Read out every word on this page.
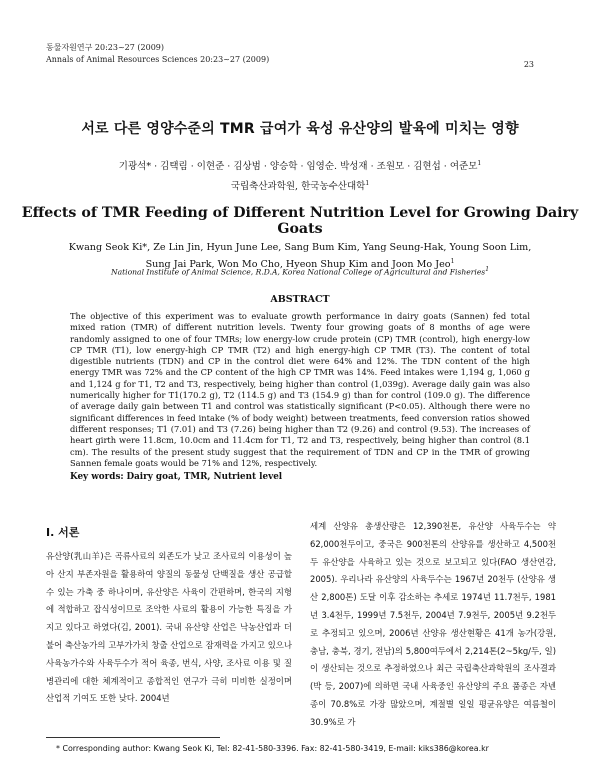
동물자원연구 20:23~27 (2009)
Annals of Animal Resources Sciences 20:23~27 (2009)
23
서로 다른 영양수준의 TMR 급여가 육성 유산양의 발육에 미치는 영향
기광석* · 김택림 · 이현준 · 김상범 · 양승학 · 임영순. 박성재 · 조원모 · 김현섭 · 여준모$^1$
국립축산과학원, 한국농수산대학$^1$
Effects of TMR Feeding of Different Nutrition Level for Growing Dairy Goats
Kwang Seok Ki*, Ze Lin Jin, Hyun June Lee, Sang Bum Kim, Yang Seung-Hak, Young Soon Lim,
Sung Jai Park, Won Mo Cho, Hyeon Shup Kim and Joon Mo Jeo$^1$
National Institute of Animal Science, R.D.A, Korea National College of Agricultural and Fisheries$^1$
ABSTRACT
The objective of this experiment was to evaluate growth performance in dairy goats (Sannen) fed total mixed ration (TMR) of different nutrition levels. Twenty four growing goats of 8 months of age were randomly assigned to one of four TMRs; low energy-low crude protein (CP) TMR (control), high energy-low CP TMR (T1), low energy-high CP TMR (T2) and high energy-high CP TMR (T3). The content of total digestible nutrients (TDN) and CP in the control diet were 64% and 12%. The TDN content of the high energy TMR was 72% and the CP content of the high CP TMR was 14%. Feed intakes were 1,194 g, 1,060 g and 1,124 g for T1, T2 and T3, respectively, being higher than control (1,039g). Average daily gain was also numerically higher for T1(170.2 g), T2 (114.5 g) and T3 (154.9 g) than for control (109.0 g). The difference of average daily gain between T1 and control was statistically significant (P<0.05). Although there were no significant differences in feed intake (% of body weight) between treatments, feed conversion ratios showed different responses; T1 (7.01) and T3 (7.26) being higher than T2 (9.26) and control (9.53). The increases of heart girth were 11.8cm, 10.0cm and 11.4cm for T1, T2 and T3, respectively, being higher than control (8.1 cm). The results of the present study suggest that the requirement of TDN and CP in the TMR of growing Sannen female goats would be 71% and 12%, respectively.
Key words: Dairy goat, TMR, Nutrient level
Ⅰ. 서론
유산양(乳山羊)은 곡류사료의 외존도가 낮고 조사료의 이용성이 높아 산지 부존자원을 활용하여 양질의 동물성 단백질을 생산 공급할 수 있는 가축 중 하나이며, 유산양은 사육이 간편하며, 한국의 지형에 적합하고 잡식성이므로 조악한 사료의 활용이 가능한 특징을 가지고 있다고 하였다(김, 2001). 국내 유산양 산업은 낙농산업과 더불어 축산농가의 고부가가치 창출 산업으로 잠재력을 가지고 있으나 사육농가수와 사육두수가 적어 육종, 번식, 사양, 조사료 이용 및 질병관리에 대한 체계적이고 종합적인 연구가 극히 미비한 실정이며 산업적 기여도 또한 낮다. 2004년
세계 산양유 총생산량은 12,390천톤, 유산양 사육두수는 약 62,000천두이고, 중국은 900천톤의 산양유를 생산하고 4,500천두 유산양을 사육하고 있는 것으로 보고되고 있다(FAO 생산연감, 2005). 우리나라 유산양의 사육두수는 1967년 20천두 (산양유 생산 2,800톤) 도달 이후 감소하는 추세로 1974년 11.7천두, 1981년 3.4천두, 1999년 7.5천두, 2004년 7.9천두, 2005년 9.2천두로 추정되고 있으며, 2006년 산양유 생산현황은 41개 농가(강원, 충남, 충북, 경기, 전남)의 5,800여두에서 2,214톤(2~5kg/두, 일)이 생산되는 것으로 추정하였으나 최근 국립축산과학원의 조사결과(박 등, 2007)에 의하면 국내 사육중인 유산양의 주요 품종은 자넨종이 70.8%로 가장 많았으며, 계절별 일일 평균유양은 여름철이 30.9%로 가
* Corresponding author: Kwang Seok Ki, Tel: 82-41-580-3396. Fax: 82-41-580-3419, E-mail: kiks386@korea.kr
